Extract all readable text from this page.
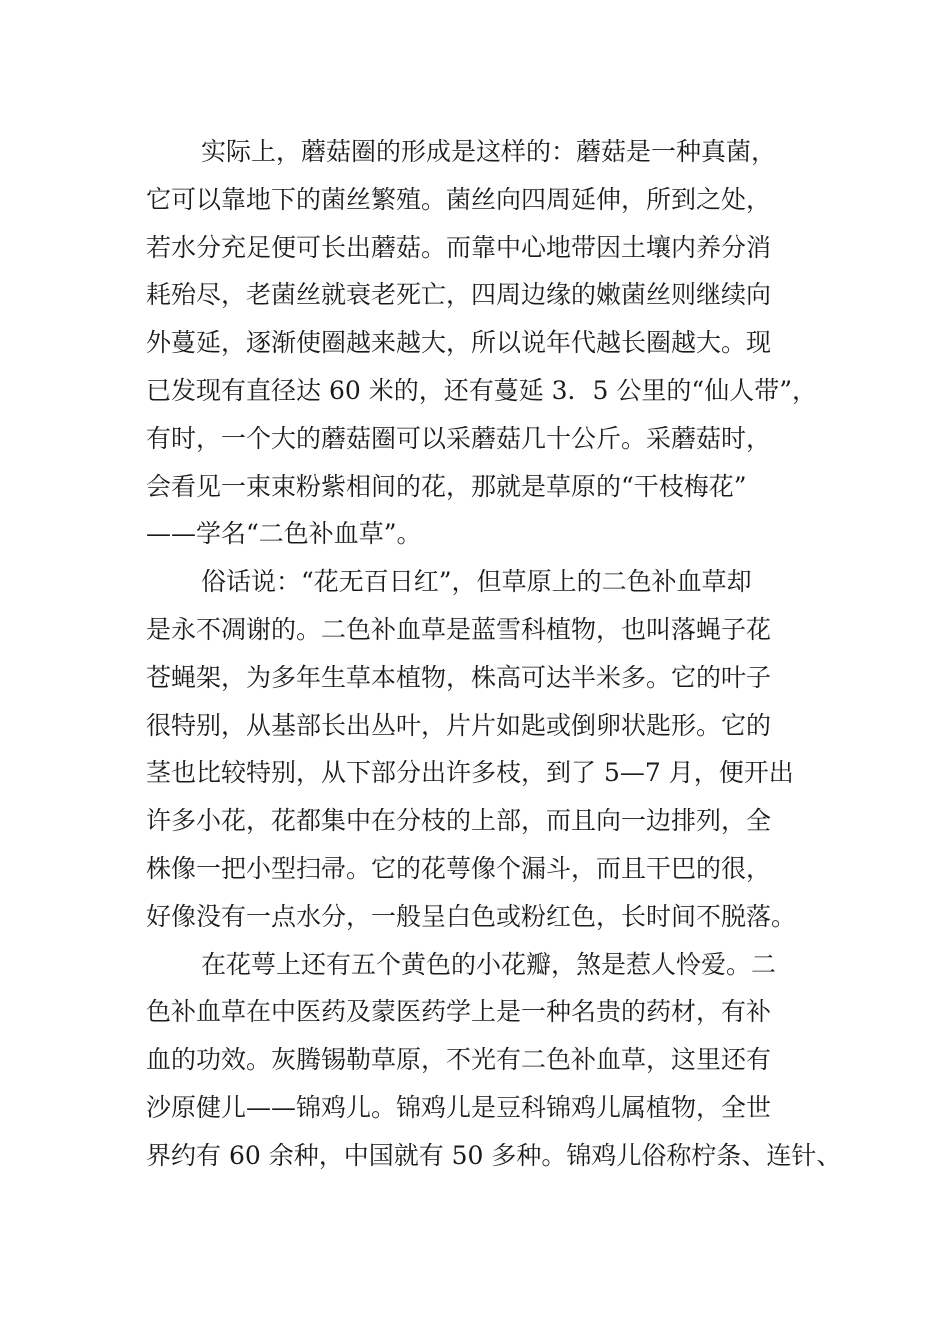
实际上，蘑菇圈的形成是这样的：蘑菇是一种真菌，
它可以靠地下的菌丝繁殖。菌丝向四周延伸，所到之处，
若水分充足便可长出蘑菇。而靠中心地带因土壤内养分消
耗殆尽，老菌丝就衰老死亡，四周边缘的嫩菌丝则继续向
外蔓延，逐渐使圈越来越大，所以说年代越长圈越大。现
已发现有直径达 60 米的，还有蔓延 3．5 公里的“仙人带”，
有时，一个大的蘑菇圈可以采蘑菇几十公斤。采蘑菇时，
会看见一束束粉紫相间的花，那就是草原的“干枝梅花”
——学名“二色补血草”。
俗话说：“花无百日红”，但草原上的二色补血草却
是永不凋谢的。二色补血草是蓝雪科植物，也叫落蝇子花
苍蝇架，为多年生草本植物，株高可达半米多。它的叶子
很特别，从基部长出丛叶，片片如匙或倒卵状匙形。它的
茎也比较特别，从下部分出许多枝，到了 5—7 月，便开出
许多小花，花都集中在分枝的上部，而且向一边排列，全
株像一把小型扫帚。它的花萼像个漏斗，而且干巴的很，
好像没有一点水分，一般呈白色或粉红色，长时间不脱落。
在花萼上还有五个黄色的小花瓣，煞是惹人怜爱。二
色补血草在中医药及蒙医药学上是一种名贵的药材，有补
血的功效。灰腾锡勒草原，不光有二色补血草，这里还有
沙原健儿——锦鸡儿。锦鸡儿是豆科锦鸡儿属植物，全世
界约有 60 余种，中国就有 50 多种。锦鸡儿俗称柠条、连针、
